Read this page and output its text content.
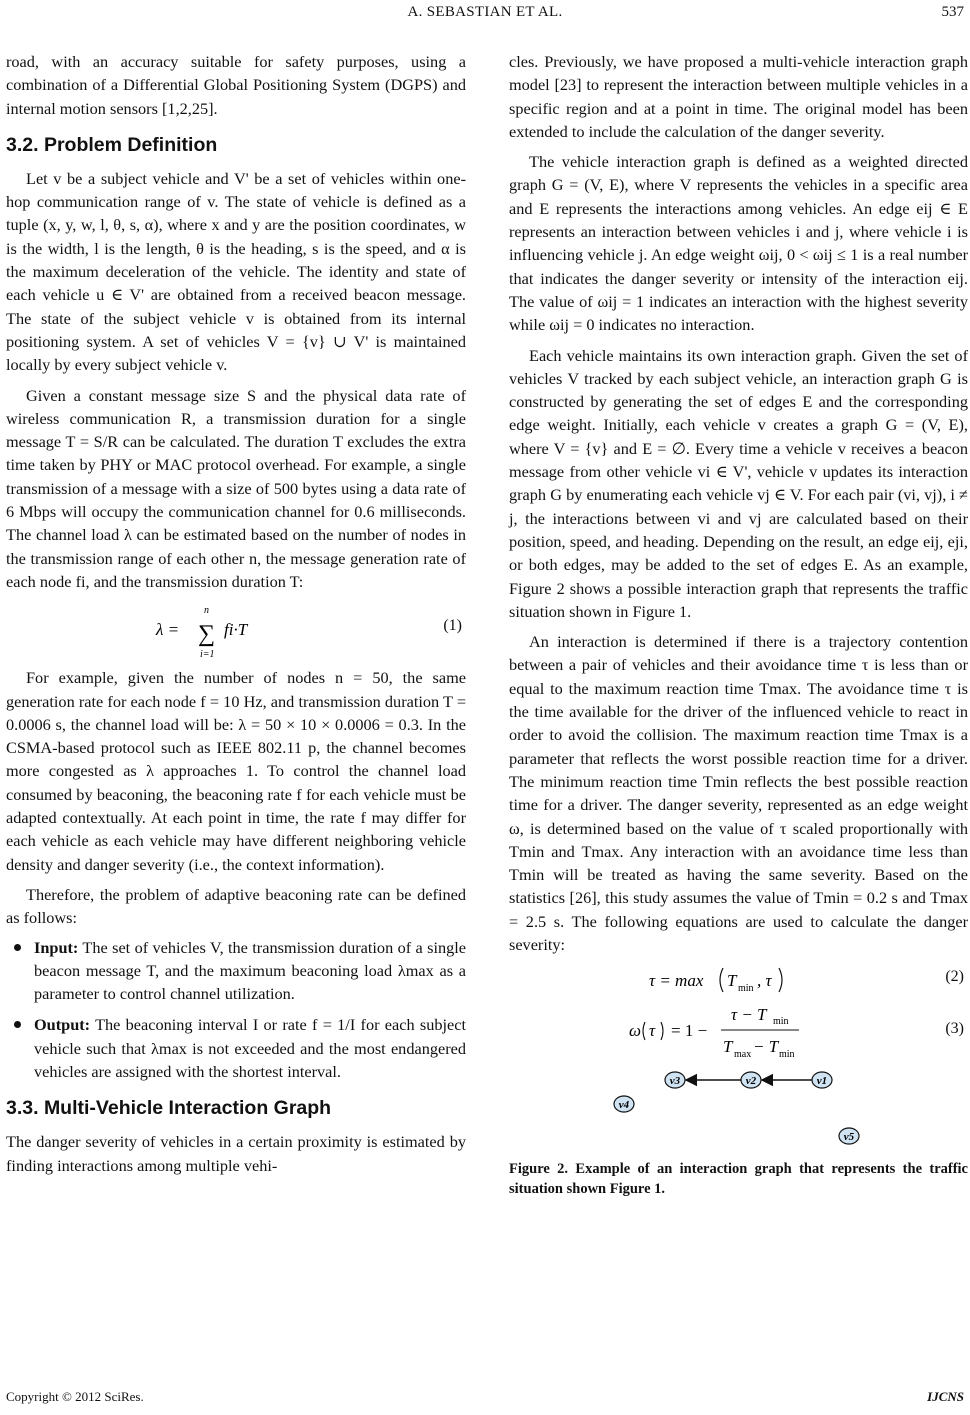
A. SEBASTIAN ET AL.	537

road, with an accuracy suitable for safety purposes, using a combination of a Differential Global Positioning System (DGPS) and internal motion sensors [1,2,25].

3.2. Problem Definition

Let v be a subject vehicle and V' be a set of vehicles within one-hop communication range of v. The state of vehicle is defined as a tuple (x, y, w, l, θ, s, α), where x and y are the position coordinates, w is the width, l is the length, θ is the heading, s is the speed, and α is the maximum deceleration of the vehicle. The identity and state of each vehicle u ∈ V' are obtained from a received beacon message. The state of the subject vehicle v is obtained from its internal positioning system. A set of vehicles V = {v} ∪ V' is maintained locally by every subject vehicle v.

Given a constant message size S and the physical data rate of wireless communication R, a transmission duration for a single message T = S/R can be calculated. The duration T excludes the extra time taken by PHY or MAC protocol overhead. For example, a single transmission of a message with a size of 500 bytes using a data rate of 6 Mbps will occupy the communication channel for 0.6 milliseconds. The channel load λ can be estimated based on the number of nodes in the transmission range of each other n, the message generation rate of each node fi, and the transmission duration T:

λ =
n
∑
i=1
fi·T	(1)

For example, given the number of nodes n = 50, the same generation rate for each node f = 10 Hz, and transmission duration T = 0.0006 s, the channel load will be: λ = 50 × 10 × 0.0006 = 0.3. In the CSMA-based protocol such as IEEE 802.11 p, the channel becomes more congested as λ approaches 1. To control the channel load consumed by beaconing, the beaconing rate f for each vehicle must be adapted contextually. At each point in time, the rate f may differ for each vehicle as each vehicle may have different neighboring vehicle density and danger severity (i.e., the context information).

Therefore, the problem of adaptive beaconing rate can be defined as follows:

Input: The set of vehicles V, the transmission duration of a single beacon message T, and the maximum beaconing load λmax as a parameter to control channel utilization.
Output: The beaconing interval I or rate f = 1/I for each subject vehicle such that λmax is not exceeded and the most endangered vehicles are assigned with the shortest interval.
3.3. Multi-Vehicle Interaction Graph

The danger severity of vehicles in a certain proximity is estimated by finding interactions among multiple vehi-

cles. Previously, we have proposed a multi-vehicle interaction graph model [23] to represent the interaction between multiple vehicles in a specific region and at a point in time. The original model has been extended to include the calculation of the danger severity.

The vehicle interaction graph is defined as a weighted directed graph G = (V, E), where V represents the vehicles in a specific area and E represents the interactions among vehicles. An edge eij ∈ E represents an interaction between vehicles i and j, where vehicle i is influencing vehicle j. An edge weight ωij, 0 < ωij ≤ 1 is a real number that indicates the danger severity or intensity of the interaction eij. The value of ωij = 1 indicates an interaction with the highest severity while ωij = 0 indicates no interaction.

Each vehicle maintains its own interaction graph. Given the set of vehicles V tracked by each subject vehicle, an interaction graph G is constructed by generating the set of edges E and the corresponding edge weight. Initially, each vehicle v creates a graph G = (V, E), where V = {v} and E = ∅. Every time a vehicle v receives a beacon message from other vehicle vi ∈ V', vehicle v updates its interaction graph G by enumerating each vehicle vj ∈ V. For each pair (vi, vj), i ≠ j, the interactions between vi and vj are calculated based on their position, speed, and heading. Depending on the result, an edge eij, eji, or both edges, may be added to the set of edges E. As an example, Figure 2 shows a possible interaction graph that represents the traffic situation shown in Figure 1.

An interaction is determined if there is a trajectory contention between a pair of vehicles and their avoidance time τ is less than or equal to the maximum reaction time Tmax. The avoidance time τ is the time available for the driver of the influenced vehicle to react in order to avoid the collision. The maximum reaction time Tmax is a parameter that reflects the worst possible reaction time for a driver. The minimum reaction time Tmin reflects the best possible reaction time for a driver. The danger severity, represented as an edge weight ω, is determined based on the value of τ scaled proportionally with Tmin and Tmax. Any interaction with an avoidance time less than Tmin will be treated as having the same severity. Based on the statistics [26], this study assumes the value of Tmin = 0.2 s and Tmax = 2.5 s. The following equations are used to calculate the danger severity:

τ = max T min , τ	(2)
ω τ = 1 −
τ − T min
T max − T min
(3)
v1
v2
v3
v4
v5
Figure 2. Example of an interaction graph that represents the traffic situation shown Figure 1.
Copyright © 2012 SciRes.	IJCNS
